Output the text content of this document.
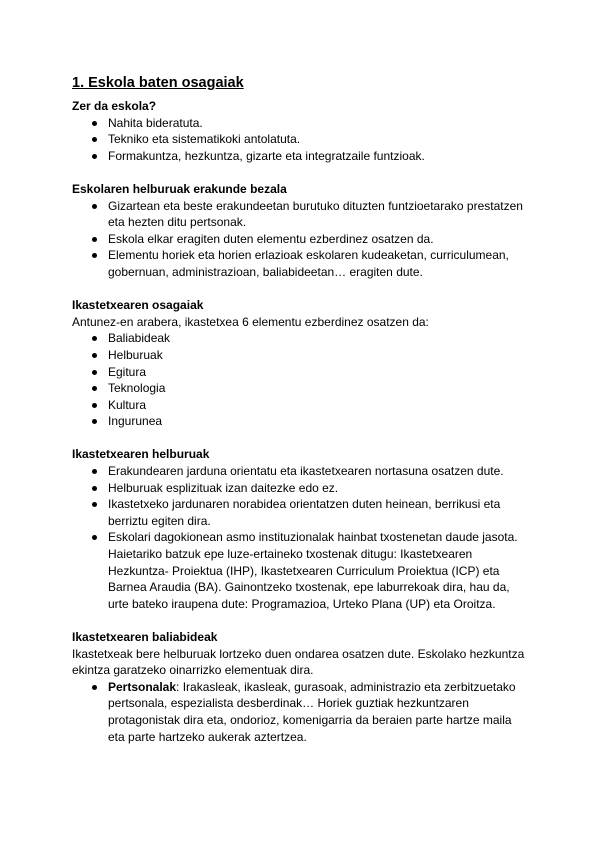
1. Eskola baten osagaiak
Zer da eskola?
Nahita bideratuta.
Tekniko eta sistematikoki antolatuta.
Formakuntza, hezkuntza, gizarte eta integratzaile funtzioak.
Eskolaren helburuak erakunde bezala
Gizartean eta beste erakundeetan burutuko dituzten funtzioetarako prestatzen eta hezten ditu pertsonak.
Eskola elkar eragiten duten elementu ezberdinez osatzen da.
Elementu horiek eta horien erlazioak eskolaren kudeaketan, curriculumean, gobernuan, administrazioan, baliabideetan… eragiten dute.
Ikastetxearen osagaiak

Antunez-en arabera, ikastetxea 6 elementu ezberdinez osatzen da:

Baliabideak
Helburuak
Egitura
Teknologia
Kultura
Ingurunea
Ikastetxearen helburuak
Erakundearen jarduna orientatu eta ikastetxearen nortasuna osatzen dute.
Helburuak esplizituak izan daitezke edo ez.
Ikastetxeko jardunaren norabidea orientatzen duten heinean, berrikusi eta berriztu egiten dira.
Eskolari dagokionean asmo instituzionalak hainbat txostenetan daude jasota. Haietariko batzuk epe luze-ertaineko txostenak ditugu: Ikastetxearen Hezkuntza- Proiektua (IHP), Ikastetxearen Curriculum Proiektua (ICP) eta Barnea Araudia (BA). Gainontzeko txostenak, epe laburrekoak dira, hau da, urte bateko iraupena dute: Programazioa, Urteko Plana (UP) eta Oroitza.
Ikastetxearen baliabideak

Ikastetxeak bere helburuak lortzeko duen ondarea osatzen dute. Eskolako hezkuntza ekintza garatzeko oinarrizko elementuak dira.

Pertsonalak: Irakasleak, ikasleak, gurasoak, administrazio eta zerbitzuetako pertsonala, espezialista desberdinak… Horiek guztiak hezkuntzaren protagonistak dira eta, ondorioz, komenigarria da beraien parte hartze maila eta parte hartzeko aukerak aztertzea.
